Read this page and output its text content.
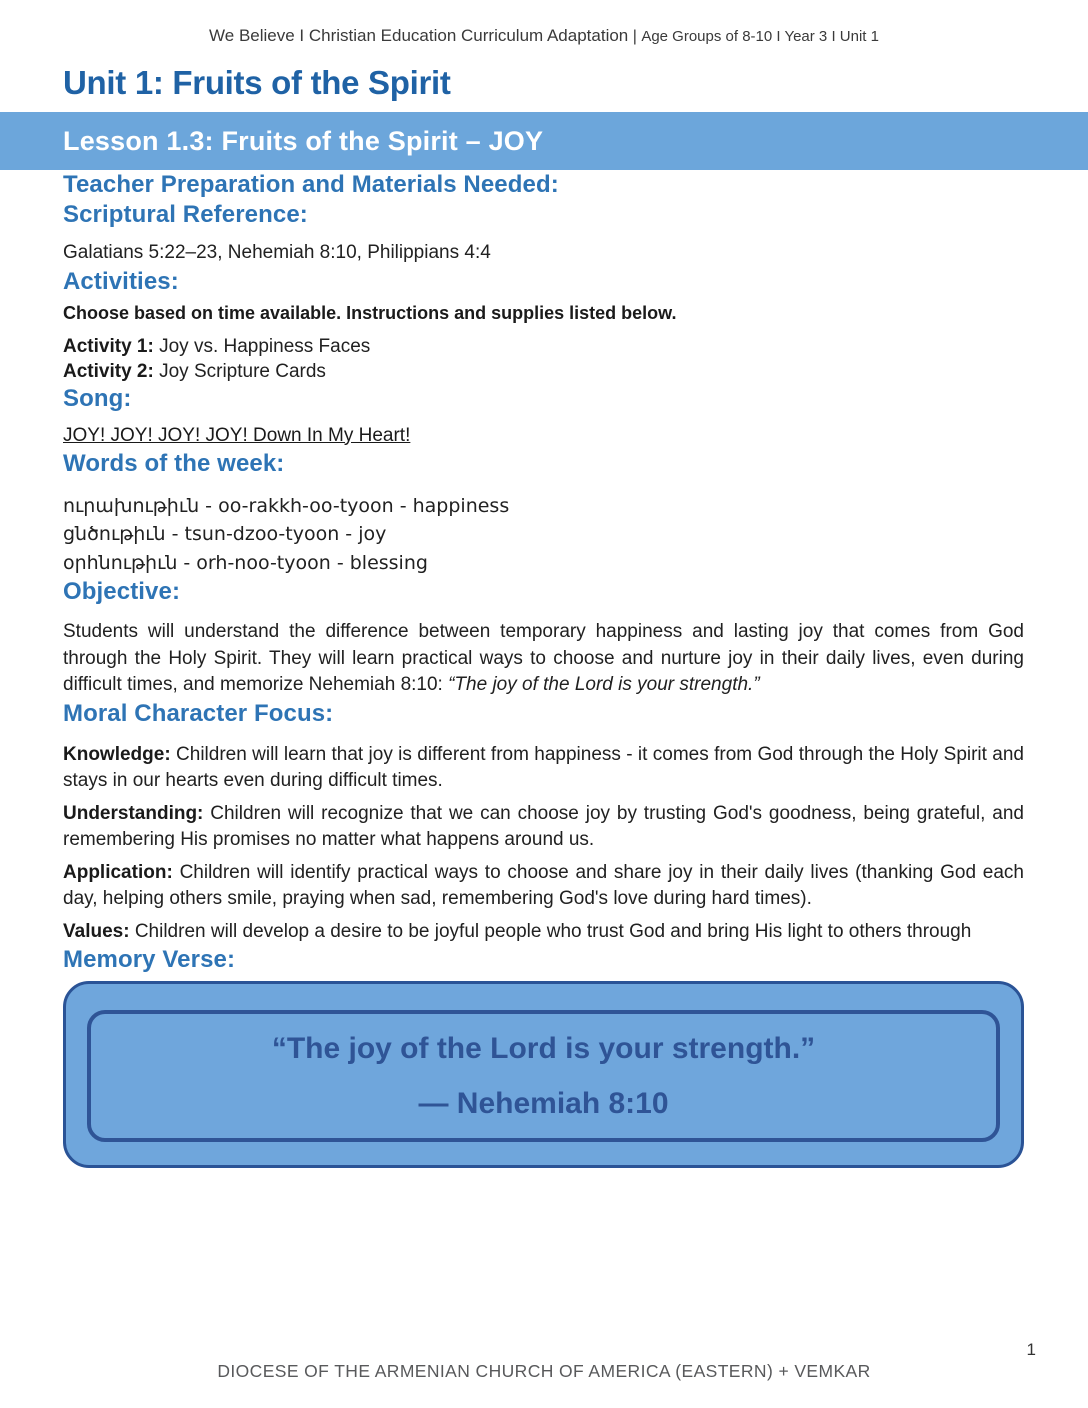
We Believe I Christian Education Curriculum Adaptation | Age Groups of 8-10 I Year 3 I Unit 1
Unit 1: Fruits of the Spirit
Lesson 1.3: Fruits of the Spirit – JOY
Teacher Preparation and Materials Needed:
Scriptural Reference:

Galatians 5:22–23, Nehemiah 8:10, Philippians 4:4

Activities:

Choose based on time available. Instructions and supplies listed below.

Activity 1: Joy vs. Happiness Faces

Activity 2: Joy Scripture Cards

Song:

JOY! JOY! JOY! JOY! Down In My Heart!

Words of the week:

ուրախութիւն - oo-rakkh-oo-tyoon - happiness

ցնծութիւն - tsun-dzoo-tyoon - joy

օրհնութիւն - orh-noo-tyoon - blessing

Objective:

Students will understand the difference between temporary happiness and lasting joy that comes from God through the Holy Spirit. They will learn practical ways to choose and nurture joy in their daily lives, even during difficult times, and memorize Nehemiah 8:10: “The joy of the Lord is your strength.”

Moral Character Focus:

Knowledge: Children will learn that joy is different from happiness - it comes from God through the Holy Spirit and stays in our hearts even during difficult times.

Understanding: Children will recognize that we can choose joy by trusting God's goodness, being grateful, and remembering His promises no matter what happens around us.

Application: Children will identify practical ways to choose and share joy in their daily lives (thanking God each day, helping others smile, praying when sad, remembering God's love during hard times).

Values: Children will develop a desire to be joyful people who trust God and bring His light to others through

Memory Verse:
“The joy of the Lord is your strength.”
— Nehemiah 8:10
1
DIOCESE OF THE ARMENIAN CHURCH OF AMERICA (EASTERN) + VEMKAR
